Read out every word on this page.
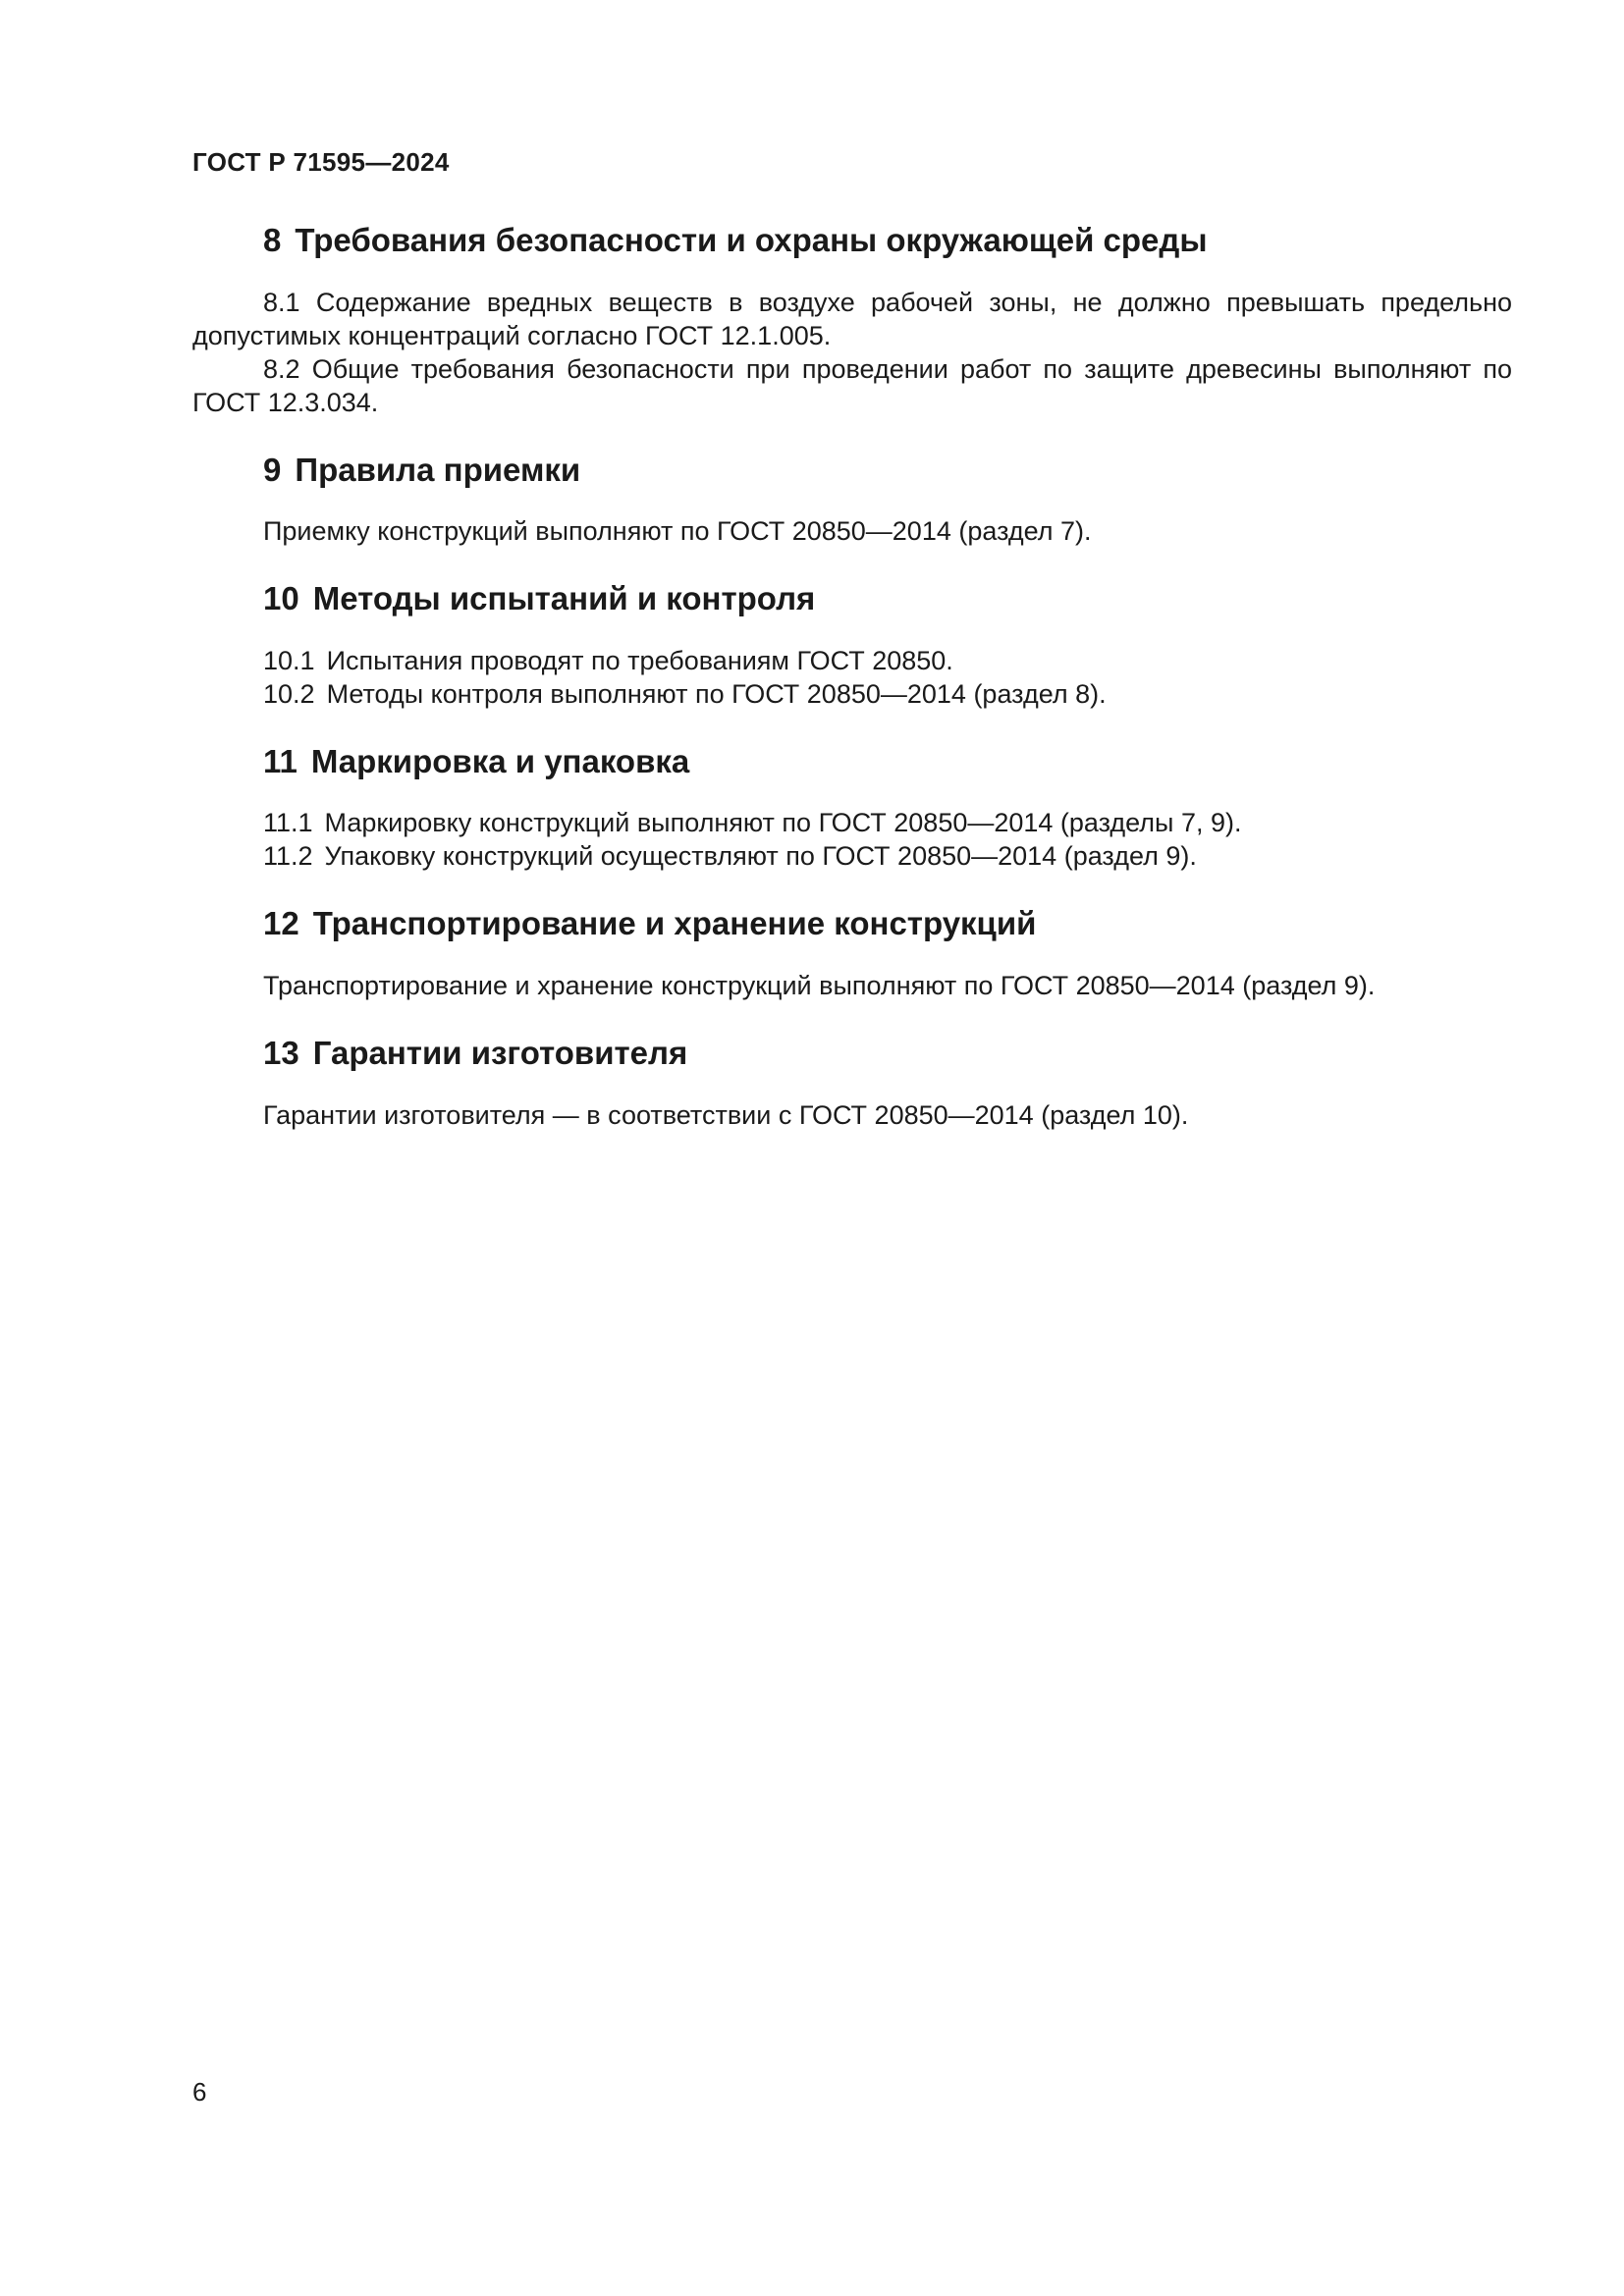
ГОСТ Р 71595—2024
8 Требования безопасности и охраны окружающей среды

8.1 Содержание вредных веществ в воздухе рабочей зоны, не должно превышать предельно допустимых концентраций согласно ГОСТ 12.1.005.

8.2 Общие требования безопасности при проведении работ по защите древесины выполняют по ГОСТ 12.3.034.

9 Правила приемки

Приемку конструкций выполняют по ГОСТ 20850—2014 (раздел 7).

10 Методы испытаний и контроля

10.1 Испытания проводят по требованиям ГОСТ 20850.

10.2 Методы контроля выполняют по ГОСТ 20850—2014 (раздел 8).

11 Маркировка и упаковка

11.1 Маркировку конструкций выполняют по ГОСТ 20850—2014 (разделы 7, 9).

11.2 Упаковку конструкций осуществляют по ГОСТ 20850—2014 (раздел 9).

12 Транспортирование и хранение конструкций

Транспортирование и хранение конструкций выполняют по ГОСТ 20850—2014 (раздел 9).

13 Гарантии изготовителя

Гарантии изготовителя — в соответствии с ГОСТ 20850—2014 (раздел 10).

6
